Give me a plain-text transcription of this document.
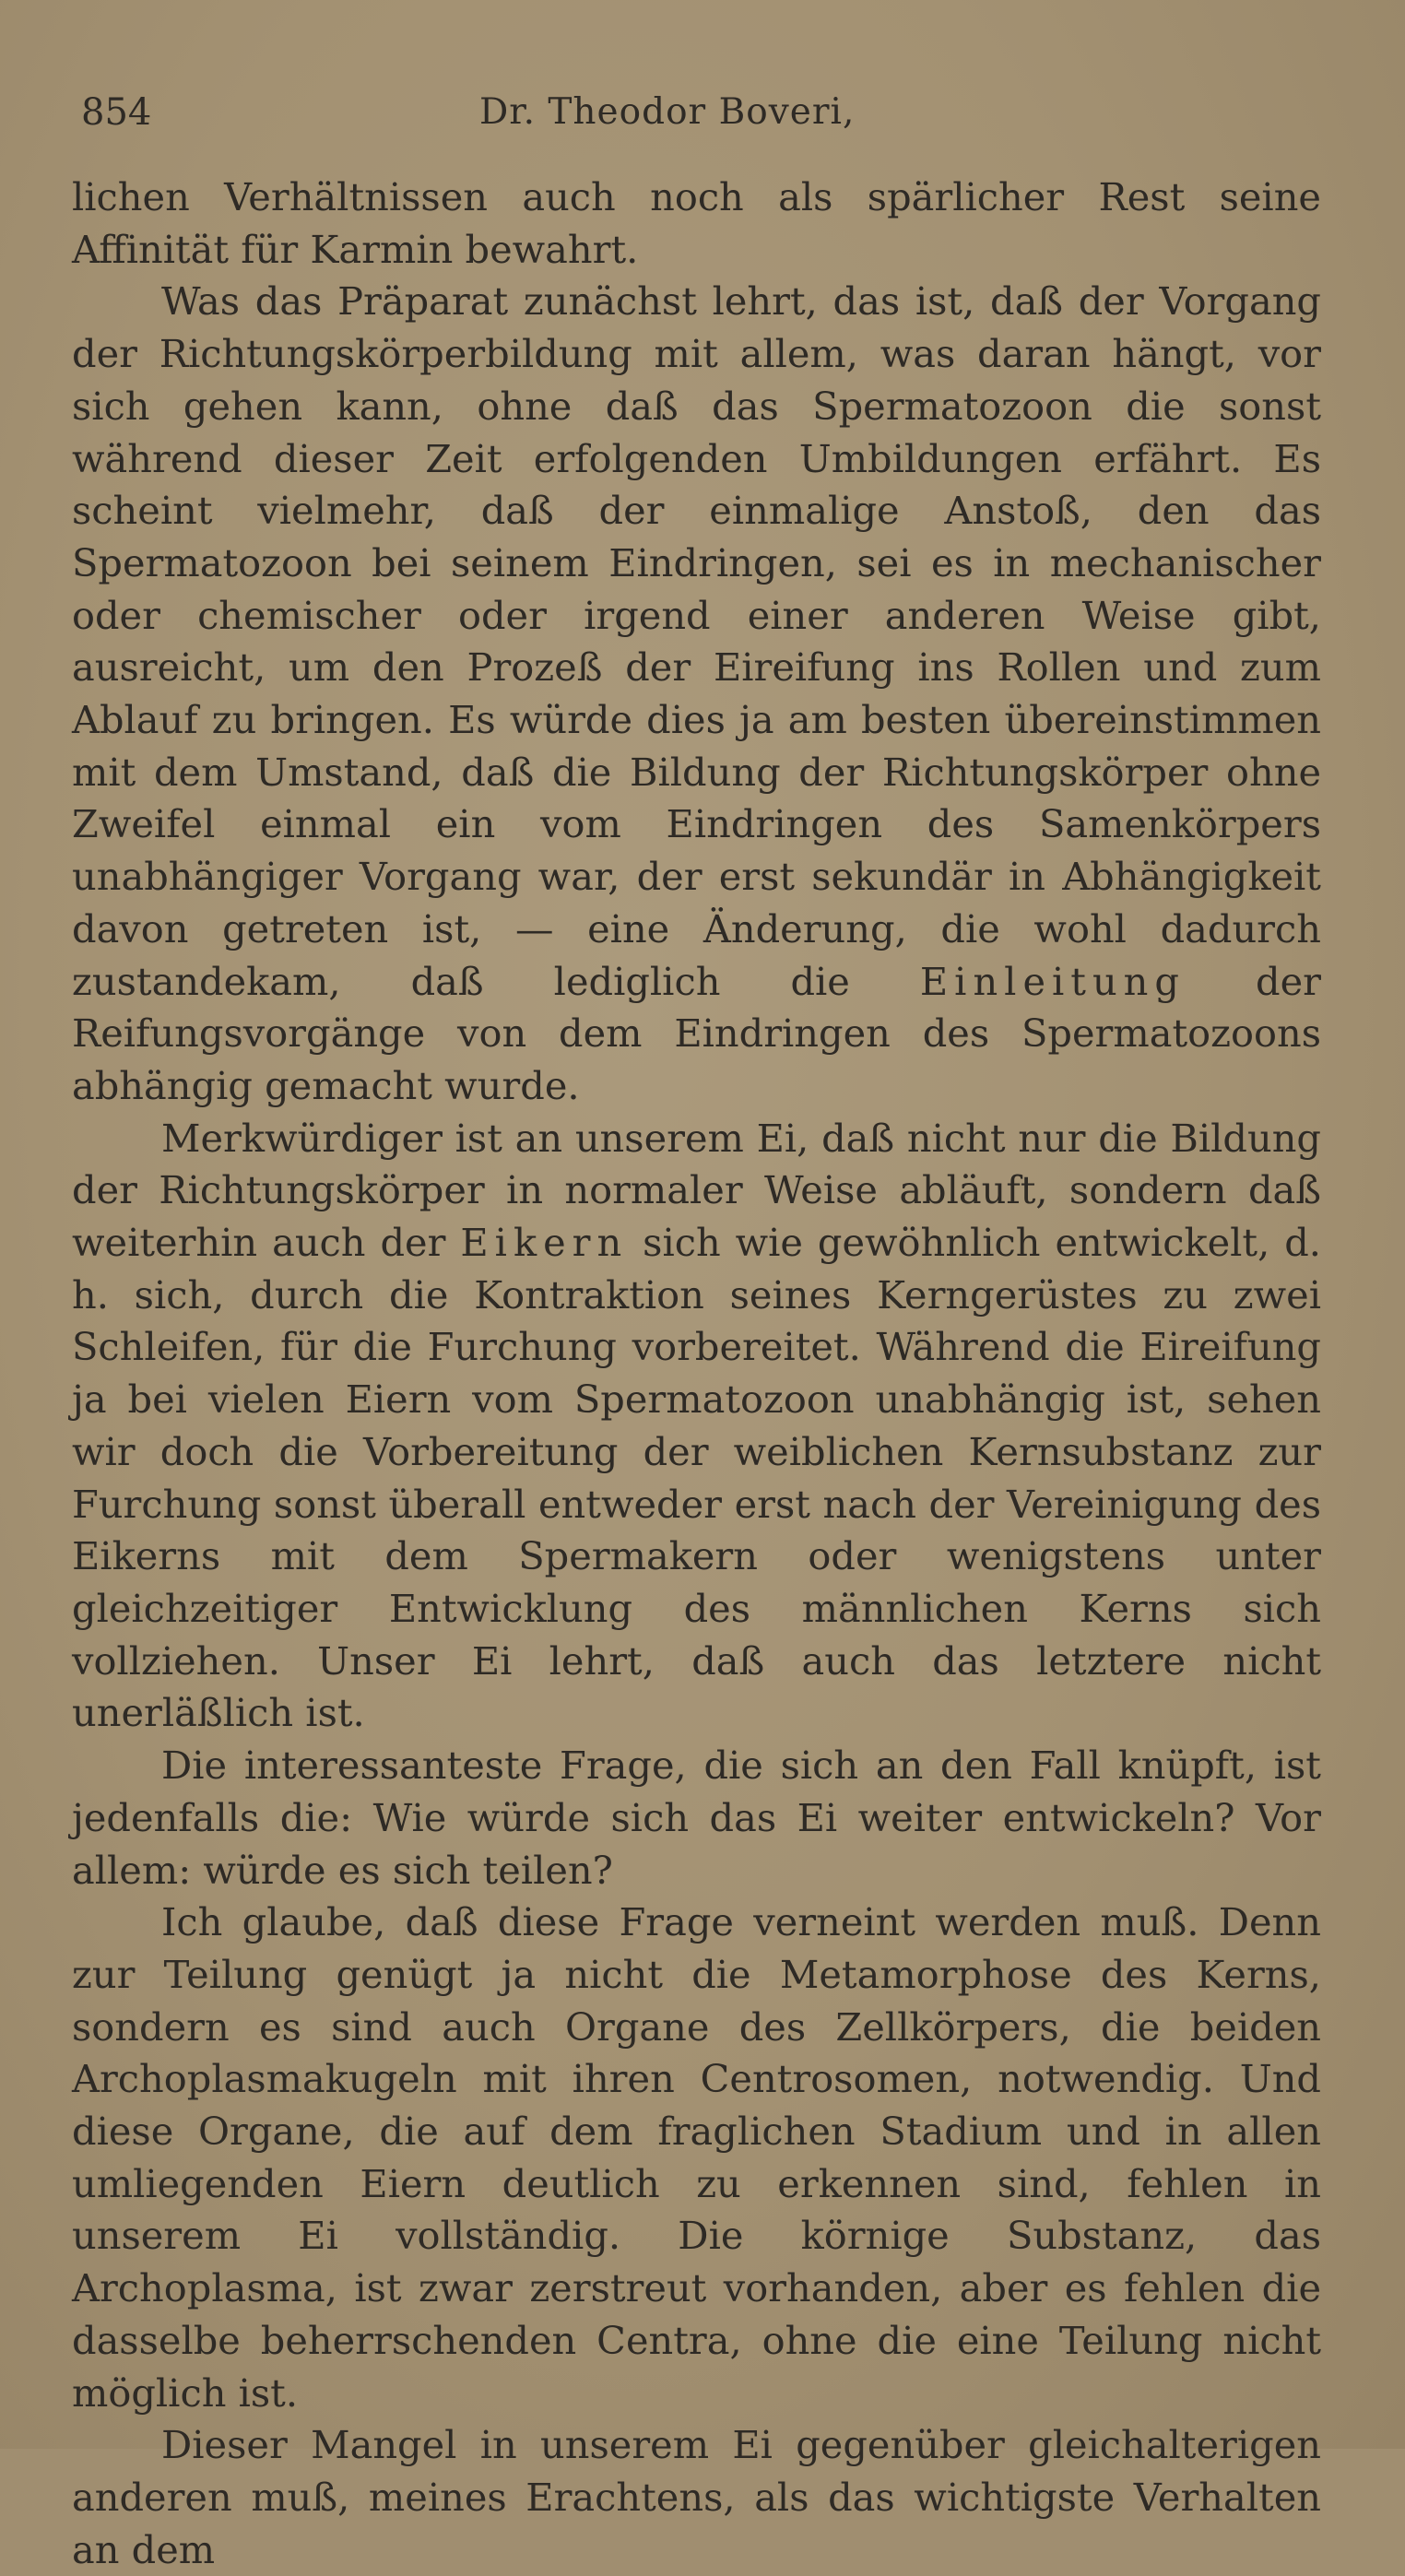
854	Dr. Theodor Boveri,

lichen Verhältnissen auch noch als spärlicher Rest seine Affinität für Karmin bewahrt.

Was das Präparat zunächst lehrt, das ist, daß der Vorgang der Richtungskörperbildung mit allem, was daran hängt, vor sich gehen kann, ohne daß das Spermatozoon die sonst während dieser Zeit erfolgenden Umbildungen erfährt. Es scheint vielmehr, daß der einmalige Anstoß, den das Spermatozoon bei seinem Eindringen, sei es in mechanischer oder chemischer oder irgend einer anderen Weise gibt, ausreicht, um den Prozeß der Eireifung ins Rollen und zum Ablauf zu bringen. Es würde dies ja am besten übereinstimmen mit dem Umstand, daß die Bildung der Richtungskörper ohne Zweifel einmal ein vom Eindringen des Samenkörpers unabhängiger Vorgang war, der erst sekundär in Abhängigkeit davon getreten ist, — eine Änderung, die wohl dadurch zustandekam, daß lediglich die Einleitung der Reifungsvorgänge von dem Eindringen des Spermatozoons abhängig gemacht wurde.

Merkwürdiger ist an unserem Ei, daß nicht nur die Bildung der Richtungskörper in normaler Weise abläuft, sondern daß weiterhin auch der Eikern sich wie gewöhnlich entwickelt, d. h. sich, durch die Kontraktion seines Kerngerüstes zu zwei Schleifen, für die Furchung vorbereitet. Während die Eireifung ja bei vielen Eiern vom Spermatozoon unabhängig ist, sehen wir doch die Vorbereitung der weiblichen Kernsubstanz zur Furchung sonst überall entweder erst nach der Vereinigung des Eikerns mit dem Spermakern oder wenigstens unter gleichzeitiger Entwicklung des männlichen Kerns sich vollziehen. Unser Ei lehrt, daß auch das letztere nicht unerläßlich ist.

Die interessanteste Frage, die sich an den Fall knüpft, ist jedenfalls die: Wie würde sich das Ei weiter entwickeln? Vor allem: würde es sich teilen?

Ich glaube, daß diese Frage verneint werden muß. Denn zur Teilung genügt ja nicht die Metamorphose des Kerns, sondern es sind auch Organe des Zellkörpers, die beiden Archoplasmakugeln mit ihren Centrosomen, notwendig. Und diese Organe, die auf dem fraglichen Stadium und in allen umliegenden Eiern deutlich zu erkennen sind, fehlen in unserem Ei vollständig. Die körnige Substanz, das Archoplasma, ist zwar zerstreut vorhanden, aber es fehlen die dasselbe beherrschenden Centra, ohne die eine Teilung nicht möglich ist.

Dieser Mangel in unserem Ei gegenüber gleichalterigen anderen muß, meines Erachtens, als das wichtigste Verhalten an dem
